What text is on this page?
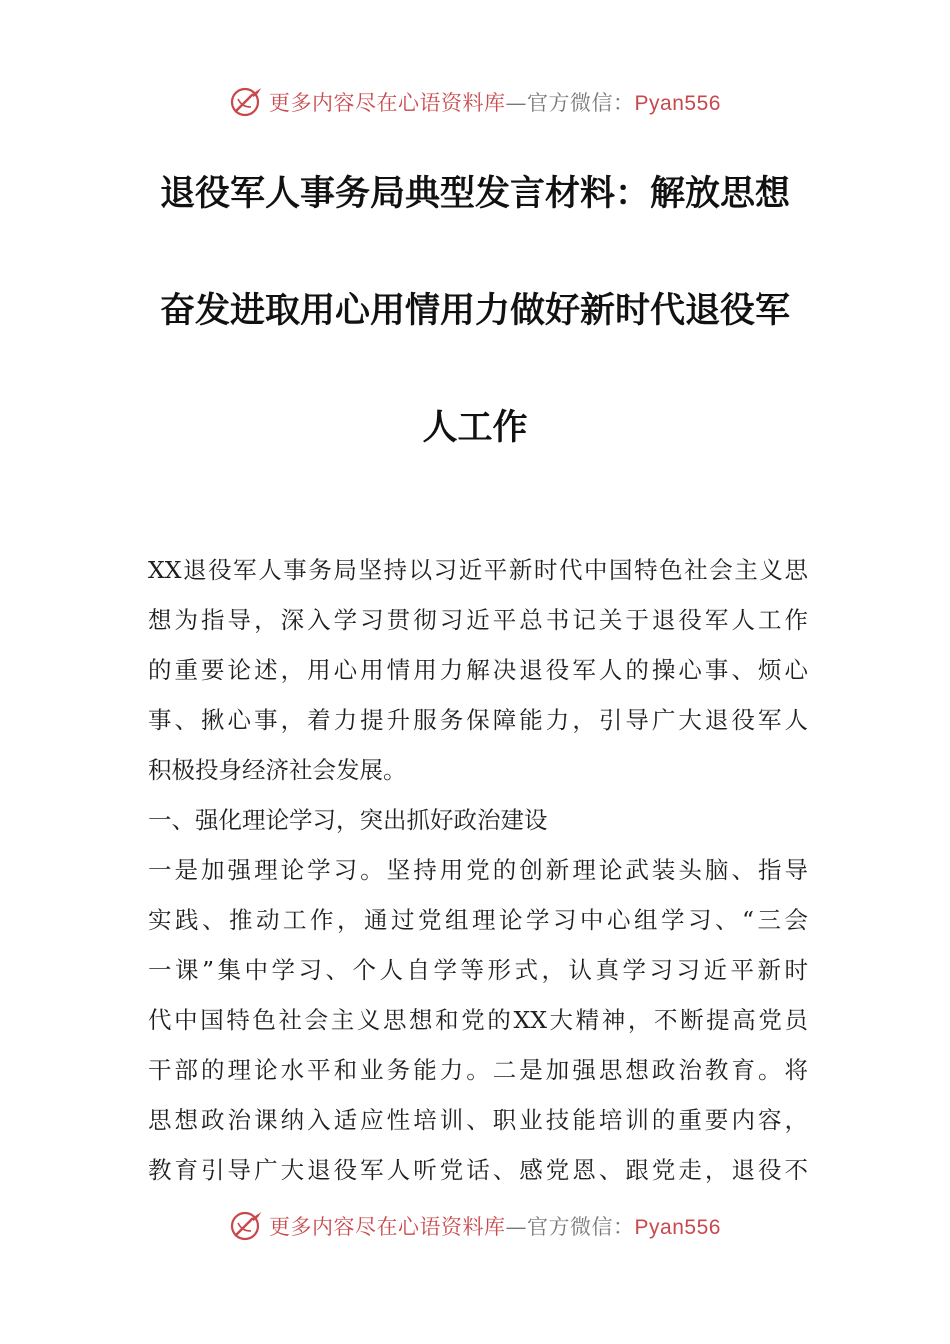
更多内容尽在心语资料库—官方微信：Pyan556
退役军人事务局典型发言材料：解放思想
奋发进取用心用情用力做好新时代退役军
人工作
XX退役军人事务局坚持以习近平新时代中国特色社会主义思
想为指导，深入学习贯彻习近平总书记关于退役军人工作
的重要论述，用心用情用力解决退役军人的操心事、烦心
事、揪心事，着力提升服务保障能力，引导广大退役军人
积极投身经济社会发展。
一、强化理论学习，突出抓好政治建设
一是加强理论学习。坚持用党的创新理论武装头脑、指导
实践、推动工作，通过党组理论学习中心组学习、“三会
一课”集中学习、个人自学等形式，认真学习习近平新时
代中国特色社会主义思想和党的XX大精神，不断提高党员
干部的理论水平和业务能力。二是加强思想政治教育。将
思想政治课纳入适应性培训、职业技能培训的重要内容，
教育引导广大退役军人听党话、感党恩、跟党走，退役不
更多内容尽在心语资料库—官方微信：Pyan556
